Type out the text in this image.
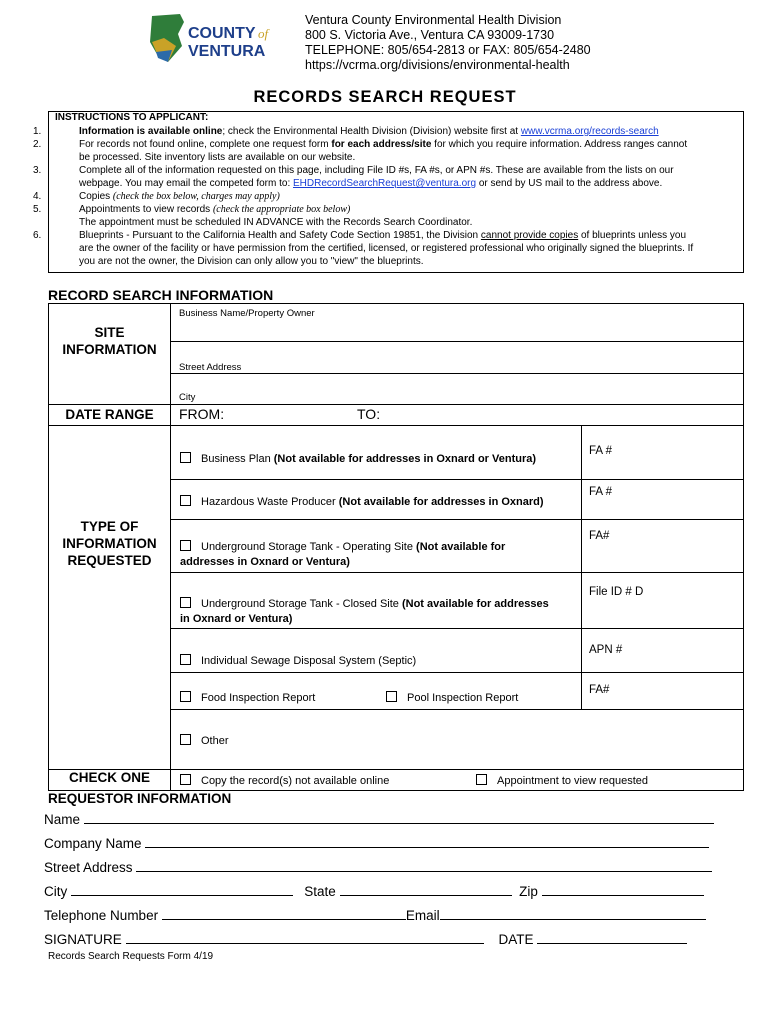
COUNTY of
VENTURA
Ventura County Environmental Health Division
800 S. Victoria Ave., Ventura CA 93009-1730
TELEPHONE: 805/654-2813 or FAX: 805/654-2480
https://vcrma.org/divisions/environmental-health
RECORDS SEARCH REQUEST
INSTRUCTIONS TO APPLICANT:
1.	Information is available online; check the Environmental Health Division (Division) website first at www.vcrma.org/records-search
2.	For records not found online, complete one request form for each address/site for which you require information. Address ranges cannot
be processed. Site inventory lists are available on our website.
3.	Complete all of the information requested on this page, including File ID #s, FA #s, or APN #s. These are available from the lists on our
webpage. You may email the competed form to: EHDRecordSearchRequest@ventura.org or send by US mail to the address above.
4.	Copies (check the box below, charges may apply)
5.	Appointments to view records (check the appropriate box below)
The appointment must be scheduled IN ADVANCE with the Records Search Coordinator.
6.	Blueprints - Pursuant to the California Health and Safety Code Section 19851, the Division cannot provide copies of blueprints unless you
are the owner of the facility or have permission from the certified, licensed, or registered professional who originally signed the blueprints. If
you are not the owner, the Division can only allow you to "view" the blueprints.
RECORD SEARCH INFORMATION
SITE INFORMATION
Business Name/Property Owner
Street Address
City
DATE RANGE	FROM:	TO:
TYPE OF INFORMATION REQUESTED
Business Plan (Not available for addresses in Oxnard or Ventura)
FA #
Hazardous Waste Producer (Not available for addresses in Oxnard)
FA #
Underground Storage Tank - Operating Site (Not available for
addresses in Oxnard or Ventura)
FA#
Underground Storage Tank - Closed Site (Not available for addresses
in Oxnard or Ventura)
File ID # D
Individual Sewage Disposal System (Septic)
APN #
Food Inspection Report	Pool Inspection Report
FA#
Other
CHECK ONE	Copy the record(s) not available online	Appointment to view requested
REQUESTOR INFORMATION
Name
Company Name
Street Address
City	State	Zip
Telephone Number	Email
SIGNATURE	DATE
Records Search Requests Form 4/19
